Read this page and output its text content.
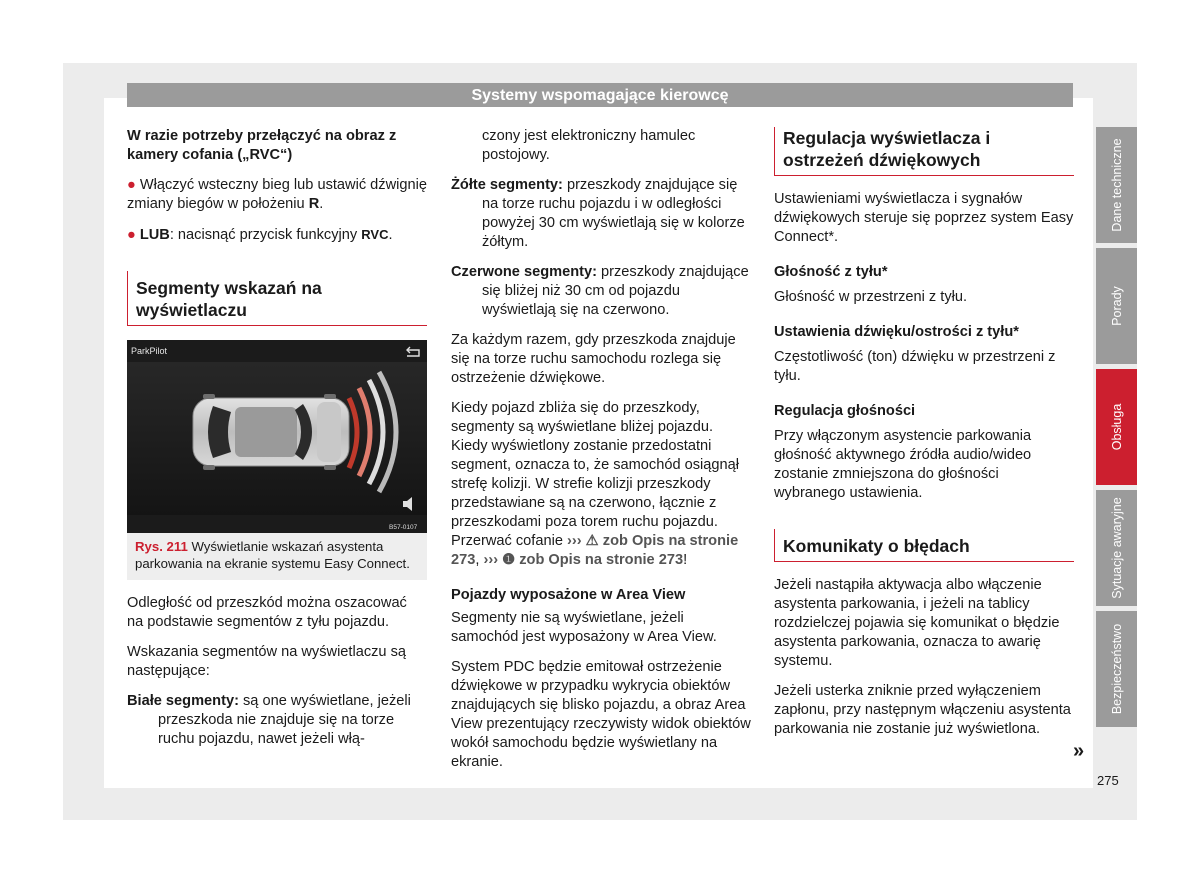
Systemy wspomagające kierowcę

W razie potrzeby przełączyć na obraz z kamery cofania („RVC“)

● Włączyć wsteczny bieg lub ustawić dźwignię zmiany biegów w położeniu R.

● LUB: nacisnąć przycisk funkcyjny RVC.

Segmenty wskazań na wyświetlaczu
ParkPilot
B57-0107
Rys. 211 Wyświetlanie wskazań asystenta parkowania na ekranie systemu Easy Connect.

Odległość od przeszkód można oszacować na podstawie segmentów z tyłu pojazdu.

Wskazania segmentów na wyświetlaczu są następujące:

Białe segmenty: są one wyświetlane, jeżeli przeszkoda nie znajduje się na torze ruchu pojazdu, nawet jeżeli włą-

czony jest elektroniczny hamulec postojowy.

Żółte segmenty: przeszkody znajdujące się na torze ruchu pojazdu i w odległości powyżej 30 cm wyświetlają się w kolorze żółtym.

Czerwone segmenty: przeszkody znajdujące się bliżej niż 30 cm od pojazdu wyświetlają się na czerwono.

Za każdym razem, gdy przeszkoda znajduje się na torze ruchu samochodu rozlega się ostrzeżenie dźwiękowe.

Kiedy pojazd zbliża się do przeszkody, segmenty są wyświetlane bliżej pojazdu. Kiedy wyświetlony zostanie przedostatni segment, oznacza to, że samochód osiągnął strefę kolizji. W strefie kolizji przeszkody przedstawiane są na czerwono, łącznie z przeszkodami poza torem ruchu pojazdu. Przerwać cofanie ››› ⚠ zob Opis na stronie 273, ››› ❶ zob Opis na stronie 273!

Pojazdy wyposażone w Area View

Segmenty nie są wyświetlane, jeżeli samochód jest wyposażony w Area View.

System PDC będzie emitował ostrzeżenie dźwiękowe w przypadku wykrycia obiektów znajdujących się blisko pojazdu, a obraz Area View prezentujący rzeczywisty widok obiektów wokół samochodu będzie wyświetlany na ekranie.

Regulacja wyświetlacza i ostrzeżeń dźwiękowych

Ustawieniami wyświetlacza i sygnałów dźwiękowych steruje się poprzez system Easy Connect*.

Głośność z tyłu*

Głośność w przestrzeni z tyłu.

Ustawienia dźwięku/ostrości z tyłu*

Częstotliwość (ton) dźwięku w przestrzeni z tyłu.

Regulacja głośności

Przy włączonym asystencie parkowania głośność aktywnego źródła audio/wideo zostanie zmniejszona do głośności wybranego ustawienia.

Komunikaty o błędach

Jeżeli nastąpiła aktywacja albo włączenie asystenta parkowania, i jeżeli na tablicy rozdzielczej pojawia się komunikat o błędzie asystenta parkowania, oznacza to awarię systemu.

Jeżeli usterka zniknie przed wyłączeniem zapłonu, przy następnym włączeniu asystenta parkowania nie zostanie już wyświetlona.

Dane techniczne
Porady
Obsługa
Sytuacje awaryjne
Bezpieczeństwo
»
275
